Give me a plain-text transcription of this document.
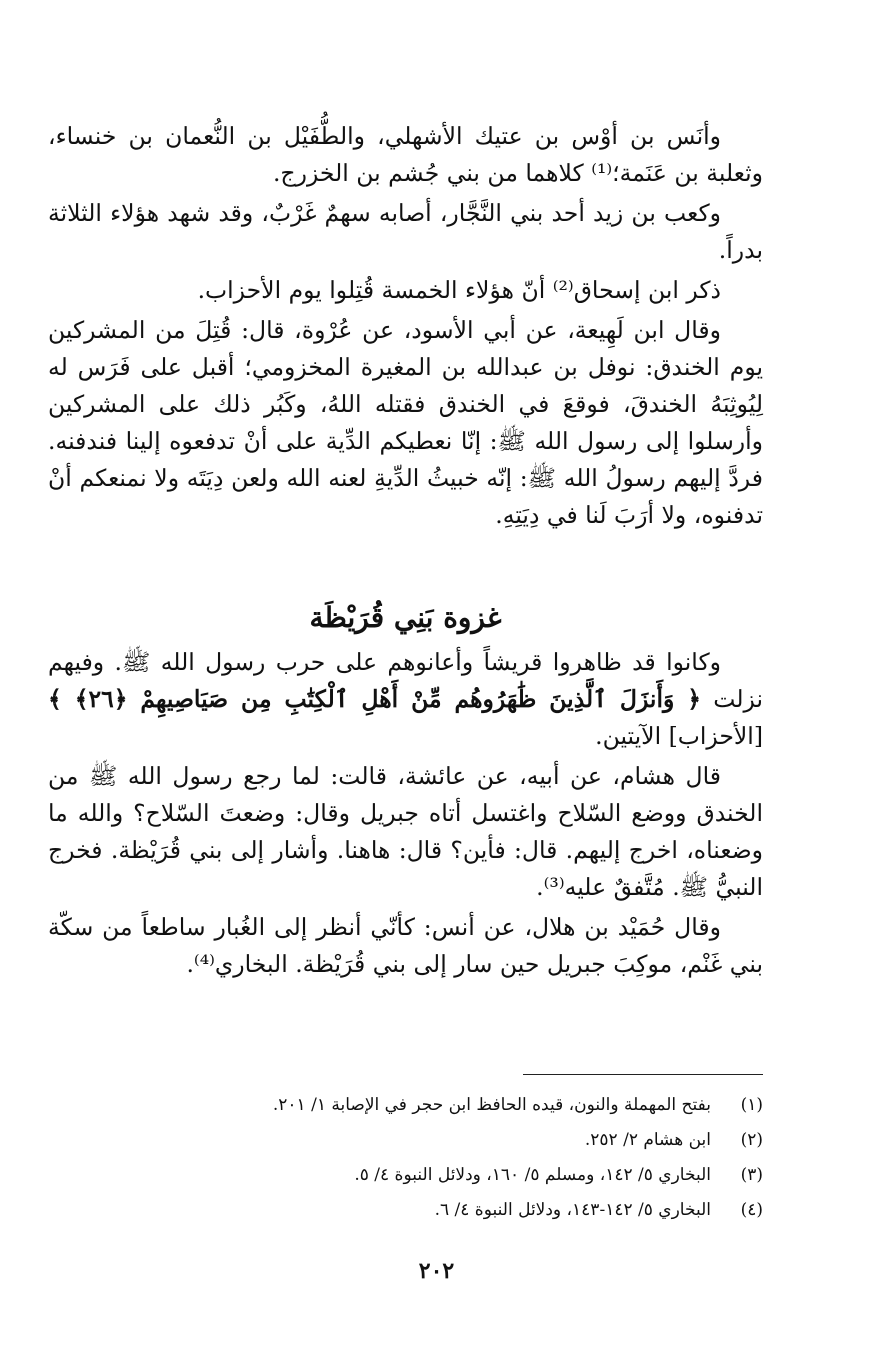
وأنَس بن أوْس بن عتيك الأشهلي، والطُّفَيْل بن النُّعمان بن خنساء، وثعلبة بن عَنَمة؛⁽¹⁾ كلاهما من بني جُشم بن الخزرج.

وكعب بن زيد أحد بني النَّجَّار، أصابه سهمٌ غَرْبٌ، وقد شهد هؤلاء الثلاثة بدراً.

ذكر ابن إسحاق⁽²⁾ أنّ هؤلاء الخمسة قُتِلوا يوم الأحزاب.

وقال ابن لَهِيعة، عن أبي الأسود، عن عُرْوة، قال: قُتِلَ من المشركين يوم الخندق: نوفل بن عبدالله بن المغيرة المخزومي؛ أقبل على فَرَس له لِيُوثِبَهُ الخندقَ، فوقعَ في الخندق فقتله اللهُ، وكَبُر ذلك على المشركين وأرسلوا إلى رسول الله ﷺ: إنّا نعطيكم الدِّية على أنْ تدفعوه إلينا فندفنه. فردَّ إليهم رسولُ الله ﷺ: إنّه خبيثُ الدِّيةِ لعنه الله ولعن دِيَتَه ولا نمنعكم أنْ تدفنوه، ولا أرَبَ لَنا في دِيَتِهِ.

غزوة بَنِي قُرَيْظَة

وكانوا قد ظاهروا قريشاً وأعانوهم على حرب رسول الله ﷺ. وفيهم نزلت ﴿ وَأَنزَلَ ٱلَّذِينَ ظَٰهَرُوهُم مِّنْ أَهْلِ ٱلْكِتَٰبِ مِن صَيَاصِيهِمْ ﴿٢٦﴾ ﴾ [الأحزاب] الآيتين.

قال هشام، عن أبيه، عن عائشة، قالت: لما رجع رسول الله ﷺ من الخندق ووضع السّلاح واغتسل أتاه جبريل وقال: وضعتَ السّلاح؟ والله ما وضعناه، اخرج إليهم. قال: فأين؟ قال: هاهنا. وأشار إلى بني قُرَيْظة. فخرج النبيُّ ﷺ. مُتَّفقٌ عليه⁽³⁾.

وقال حُمَيْد بن هلال، عن أنس: كأنّي أنظر إلى الغُبار ساطعاً من سكّة بني غَنْم، موكِبَ جبريل حين سار إلى بني قُرَيْظة. البخاري⁽⁴⁾.

(١)بفتح المهملة والنون، قيده الحافظ ابن حجر في الإصابة ١/ ٢٠١.
(٢)ابن هشام ٢/ ٢٥٢.
(٣)البخاري ٥/ ١٤٢، ومسلم ٥/ ١٦٠، ودلائل النبوة ٤/ ٥.
(٤)البخاري ٥/ ١٤٢-١٤٣، ودلائل النبوة ٤/ ٦.
٢٠٢
